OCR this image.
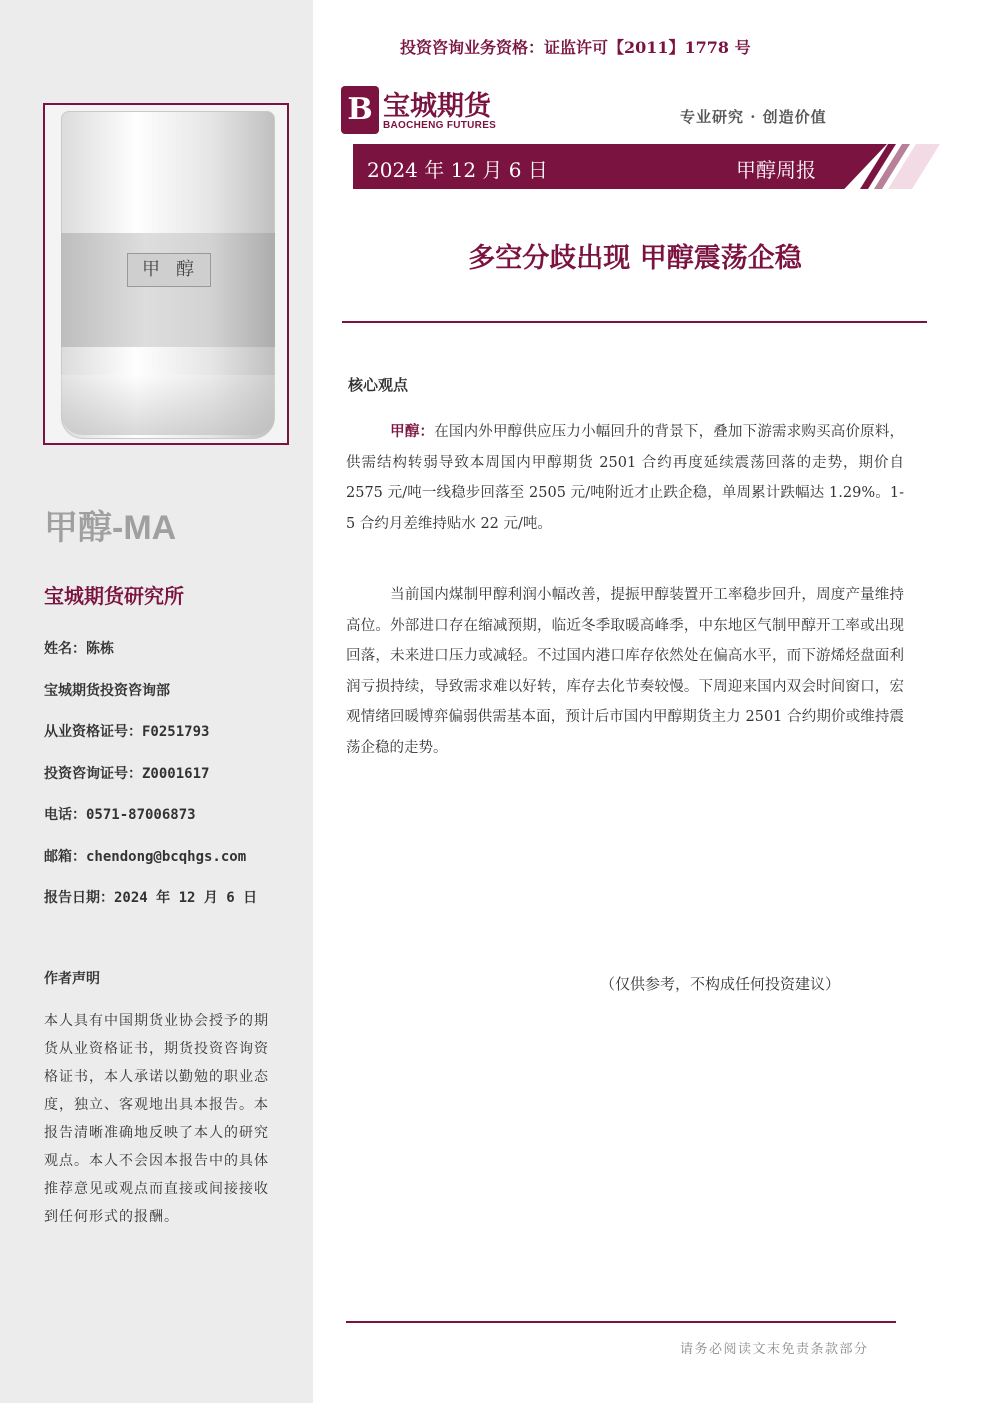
甲醇
甲醇-MA
宝城期货研究所
姓名：陈栋
宝城期货投资咨询部
从业资格证号：F0251793
投资咨询证号：Z0001617
电话：0571-87006873
邮箱：chendong@bcqhgs.com
报告日期：2024 年 12 月 6 日
作者声明
本人具有中国期货业协会授予的期货从业资格证书，期货投资咨询资格证书，本人承诺以勤勉的职业态度，独立、客观地出具本报告。本报告清晰准确地反映了本人的研究观点。本人不会因本报告中的具体推荐意见或观点而直接或间接接收到任何形式的报酬。
投资咨询业务资格：证监许可【2011】1778 号
B 宝城期货
BAOCHENG FUTURES	专业研究 · 创造价值
2024 年 12 月 6 日	甲醇周报
多空分歧出现 甲醇震荡企稳
核心观点
甲醇：在国内外甲醇供应压力小幅回升的背景下，叠加下游需求购买高价原料，供需结构转弱导致本周国内甲醇期货 2501 合约再度延续震荡回落的走势，期价自 2575 元/吨一线稳步回落至 2505 元/吨附近才止跌企稳，单周累计跌幅达 1.29%。1-5 合约月差维持贴水 22 元/吨。
当前国内煤制甲醇利润小幅改善，提振甲醇装置开工率稳步回升，周度产量维持高位。外部进口存在缩减预期，临近冬季取暖高峰季，中东地区气制甲醇开工率或出现回落，未来进口压力或减轻。不过国内港口库存依然处在偏高水平，而下游烯烃盘面利润亏损持续，导致需求难以好转，库存去化节奏较慢。下周迎来国内双会时间窗口，宏观情绪回暖博弈偏弱供需基本面，预计后市国内甲醇期货主力 2501 合约期价或维持震荡企稳的走势。
（仅供参考，不构成任何投资建议）
请务必阅读文末免责条款部分
